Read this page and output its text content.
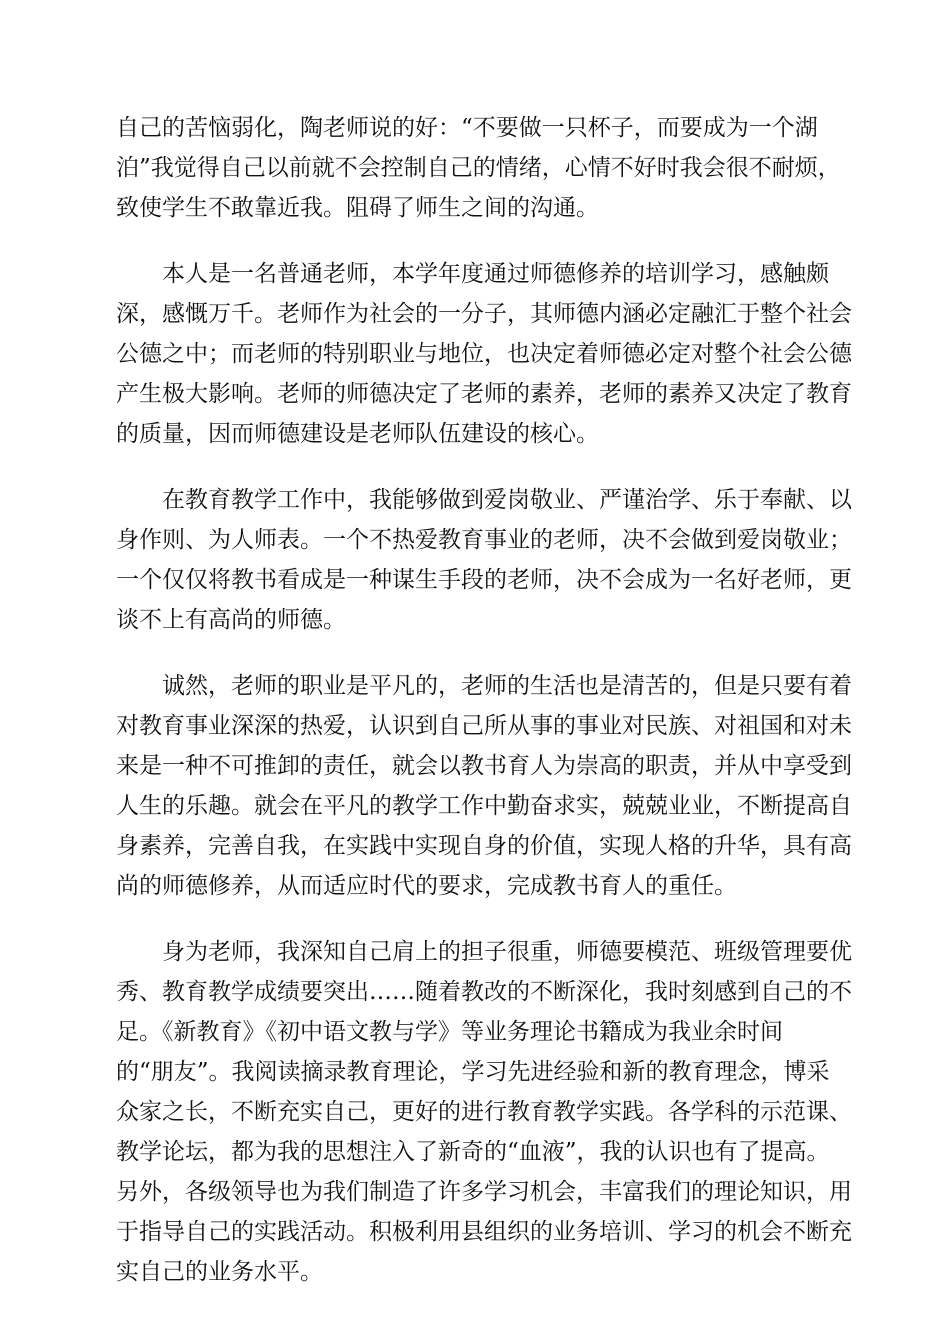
自己的苦恼弱化，陶老师说的好：“不要做一只杯子，而要成为一个湖
泊”我觉得自己以前就不会控制自己的情绪，心情不好时我会很不耐烦，
致使学生不敢靠近我。阻碍了师生之间的沟通。

本人是一名普通老师，本学年度通过师德修养的培训学习，感触颇
深，感慨万千。老师作为社会的一分子，其师德内涵必定融汇于整个社会
公德之中；而老师的特别职业与地位，也决定着师德必定对整个社会公德
产生极大影响。老师的师德决定了老师的素养，老师的素养又决定了教育
的质量，因而师德建设是老师队伍建设的核心。

在教育教学工作中，我能够做到爱岗敬业、严谨治学、乐于奉献、以
身作则、为人师表。一个不热爱教育事业的老师，决不会做到爱岗敬业；
一个仅仅将教书看成是一种谋生手段的老师，决不会成为一名好老师，更
谈不上有高尚的师德。

诚然，老师的职业是平凡的，老师的生活也是清苦的，但是只要有着
对教育事业深深的热爱，认识到自己所从事的事业对民族、对祖国和对未
来是一种不可推卸的责任，就会以教书育人为崇高的职责，并从中享受到
人生的乐趣。就会在平凡的教学工作中勤奋求实，兢兢业业，不断提高自
身素养，完善自我，在实践中实现自身的价值，实现人格的升华，具有高
尚的师德修养，从而适应时代的要求，完成教书育人的重任。

身为老师，我深知自己肩上的担子很重，师德要模范、班级管理要优
秀、教育教学成绩要突出……随着教改的不断深化，我时刻感到自己的不
足。《新教育》《初中语文教与学》等业务理论书籍成为我业余时间
的“朋友”。我阅读摘录教育理论，学习先进经验和新的教育理念，博采
众家之长，不断充实自己，更好的进行教育教学实践。各学科的示范课、
教学论坛，都为我的思想注入了新奇的“血液”，我的认识也有了提高。
另外，各级领导也为我们制造了许多学习机会，丰富我们的理论知识，用
于指导自己的实践活动。积极利用县组织的业务培训、学习的机会不断充
实自己的业务水平。
